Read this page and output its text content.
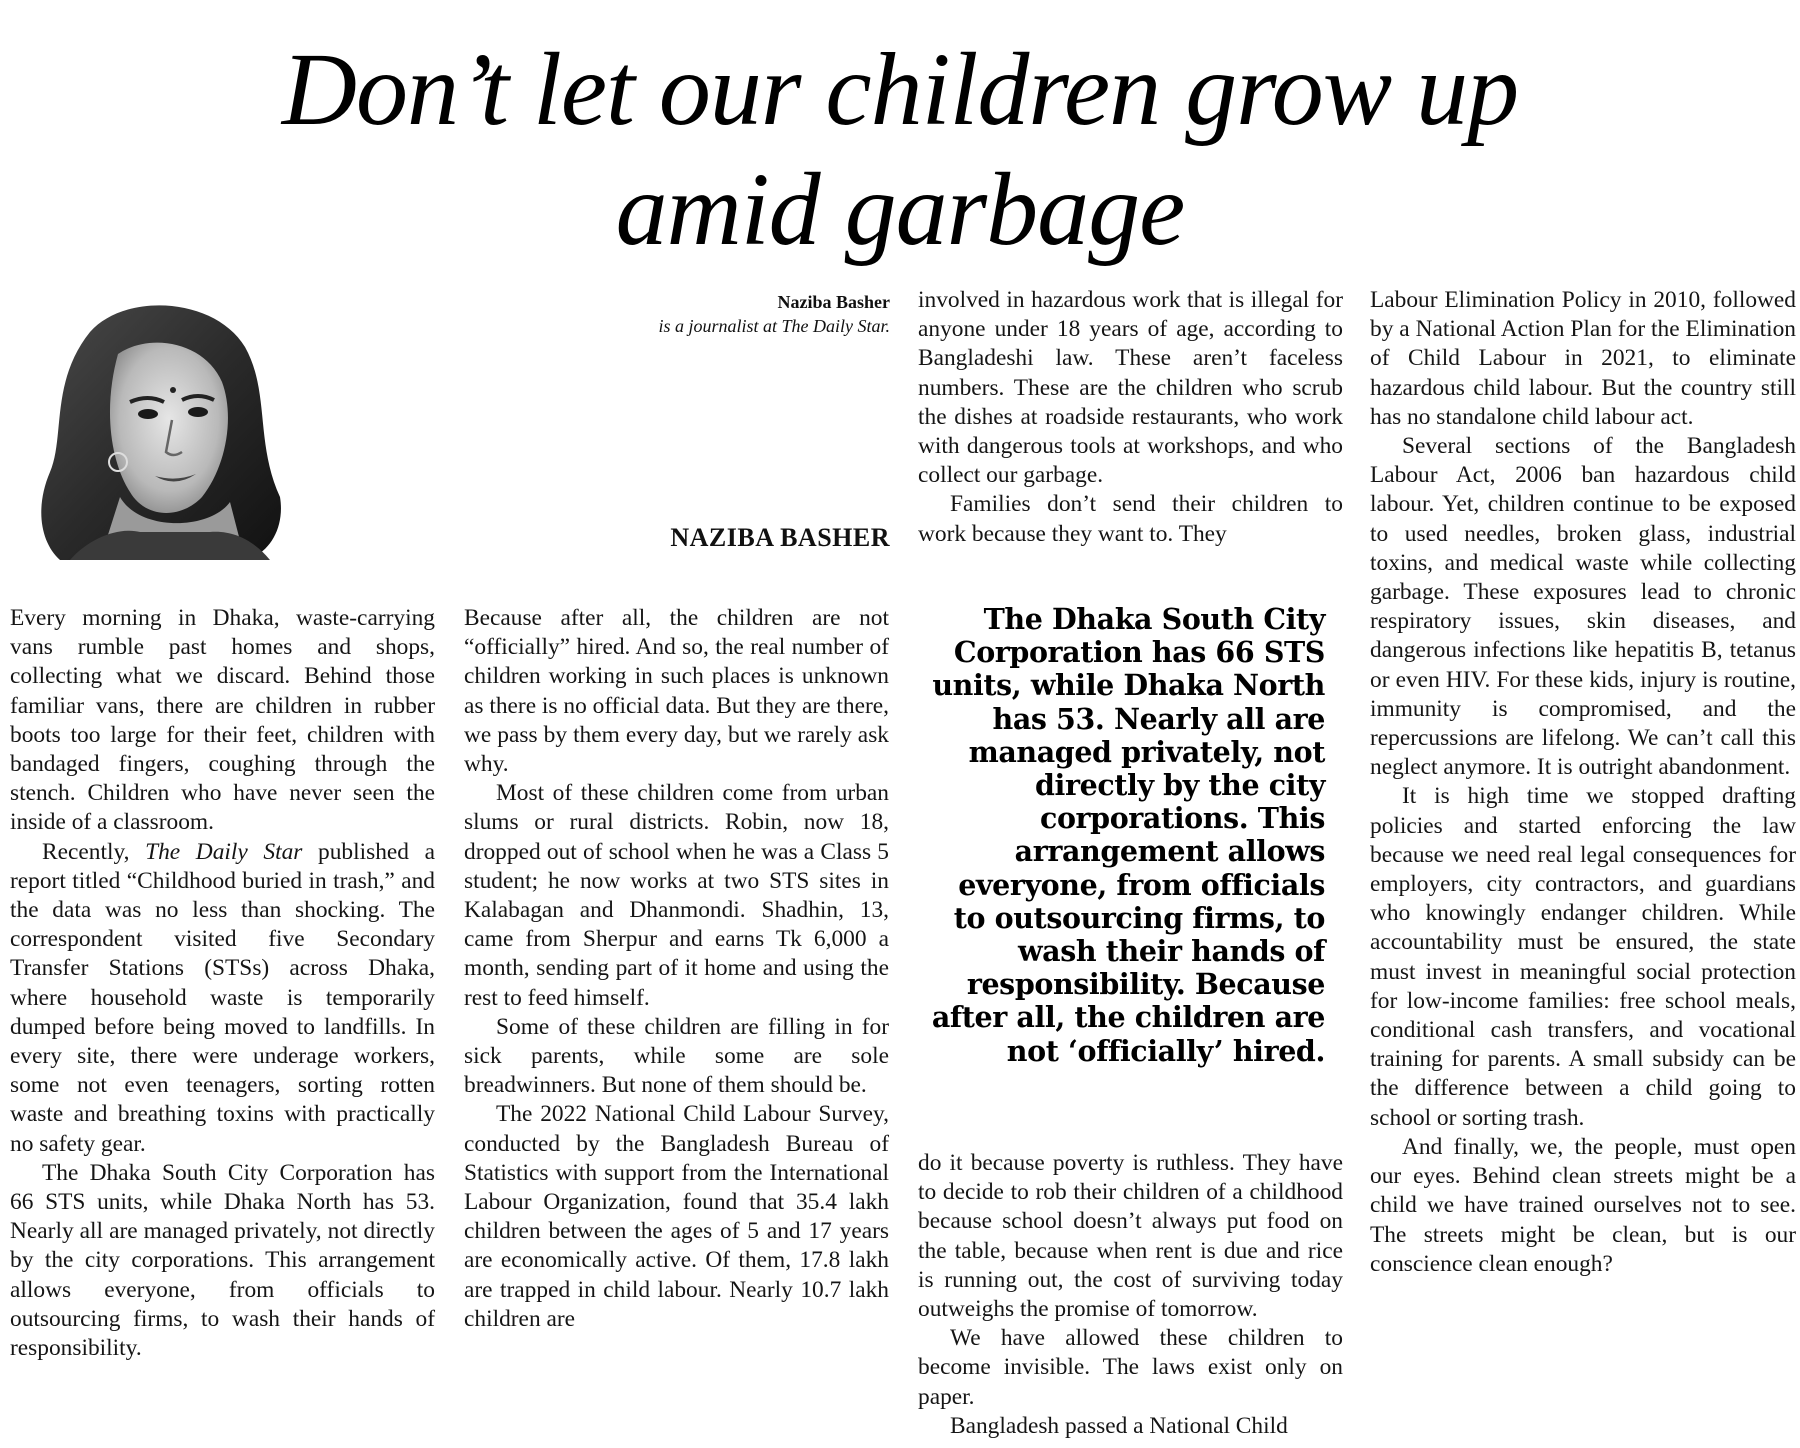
Don’t let our children grow up
amid garbage
Naziba Basher
is a journalist at The Daily Star.
NAZIBA BASHER

Every morning in Dhaka, waste-carrying vans rumble past homes and shops, collecting what we discard. Behind those familiar vans, there are children in rubber boots too large for their feet, children with bandaged fingers, coughing through the stench. Children who have never seen the inside of a classroom.

Recently, The Daily Star published a report titled “Childhood buried in trash,” and the data was no less than shocking. The correspondent visited five Secondary Transfer Stations (STSs) across Dhaka, where household waste is temporarily dumped before being moved to landfills. In every site, there were underage workers, some not even teenagers, sorting rotten waste and breathing toxins with practically no safety gear.

The Dhaka South City Corporation has 66 STS units, while Dhaka North has 53. Nearly all are managed privately, not directly by the city corporations. This arrangement allows everyone, from officials to outsourcing firms, to wash their hands of responsibility.

Because after all, the children are not “officially” hired. And so, the real number of children working in such places is unknown as there is no official data. But they are there, we pass by them every day, but we rarely ask why.

Most of these children come from urban slums or rural districts. Robin, now 18, dropped out of school when he was a Class 5 student; he now works at two STS sites in Kalabagan and Dhanmondi. Shadhin, 13, came from Sherpur and earns Tk 6,000 a month, sending part of it home and using the rest to feed himself.

Some of these children are filling in for sick parents, while some are sole breadwinners. But none of them should be.

The 2022 National Child Labour Survey, conducted by the Bangladesh Bureau of Statistics with support from the International Labour Organization, found that 35.4 lakh children between the ages of 5 and 17 years are economically active. Of them, 17.8 lakh are trapped in child labour. Nearly 10.7 lakh children are

involved in hazardous work that is illegal for anyone under 18 years of age, according to Bangladeshi law. These aren’t faceless numbers. These are the children who scrub the dishes at roadside restaurants, who work with dangerous tools at workshops, and who collect our garbage.

Families don’t send their children to work because they want to. They

The Dhaka South City Corporation has 66 STS units, while Dhaka North has 53. Nearly all are managed privately, not directly by the city corporations. This arrangement allows everyone, from officials to outsourcing firms, to wash their hands of responsibility. Because after all, the children are not ‘officially’ hired.

do it because poverty is ruthless. They have to decide to rob their children of a childhood because school doesn’t always put food on the table, because when rent is due and rice is running out, the cost of surviving today outweighs the promise of tomorrow.

We have allowed these children to become invisible. The laws exist only on paper.

Bangladesh passed a National Child

Labour Elimination Policy in 2010, followed by a National Action Plan for the Elimination of Child Labour in 2021, to eliminate hazardous child labour. But the country still has no standalone child labour act.

Several sections of the Bangladesh Labour Act, 2006 ban hazardous child labour. Yet, children continue to be exposed to used needles, broken glass, industrial toxins, and medical waste while collecting garbage. These exposures lead to chronic respiratory issues, skin diseases, and dangerous infections like hepatitis B, tetanus or even HIV. For these kids, injury is routine, immunity is compromised, and the repercussions are lifelong. We can’t call this neglect anymore. It is outright abandonment.

It is high time we stopped drafting policies and started enforcing the law because we need real legal consequences for employers, city contractors, and guardians who knowingly endanger children. While accountability must be ensured, the state must invest in meaningful social protection for low-income families: free school meals, conditional cash transfers, and vocational training for parents. A small subsidy can be the difference between a child going to school or sorting trash.

And finally, we, the people, must open our eyes. Behind clean streets might be a child we have trained ourselves not to see. The streets might be clean, but is our conscience clean enough?
